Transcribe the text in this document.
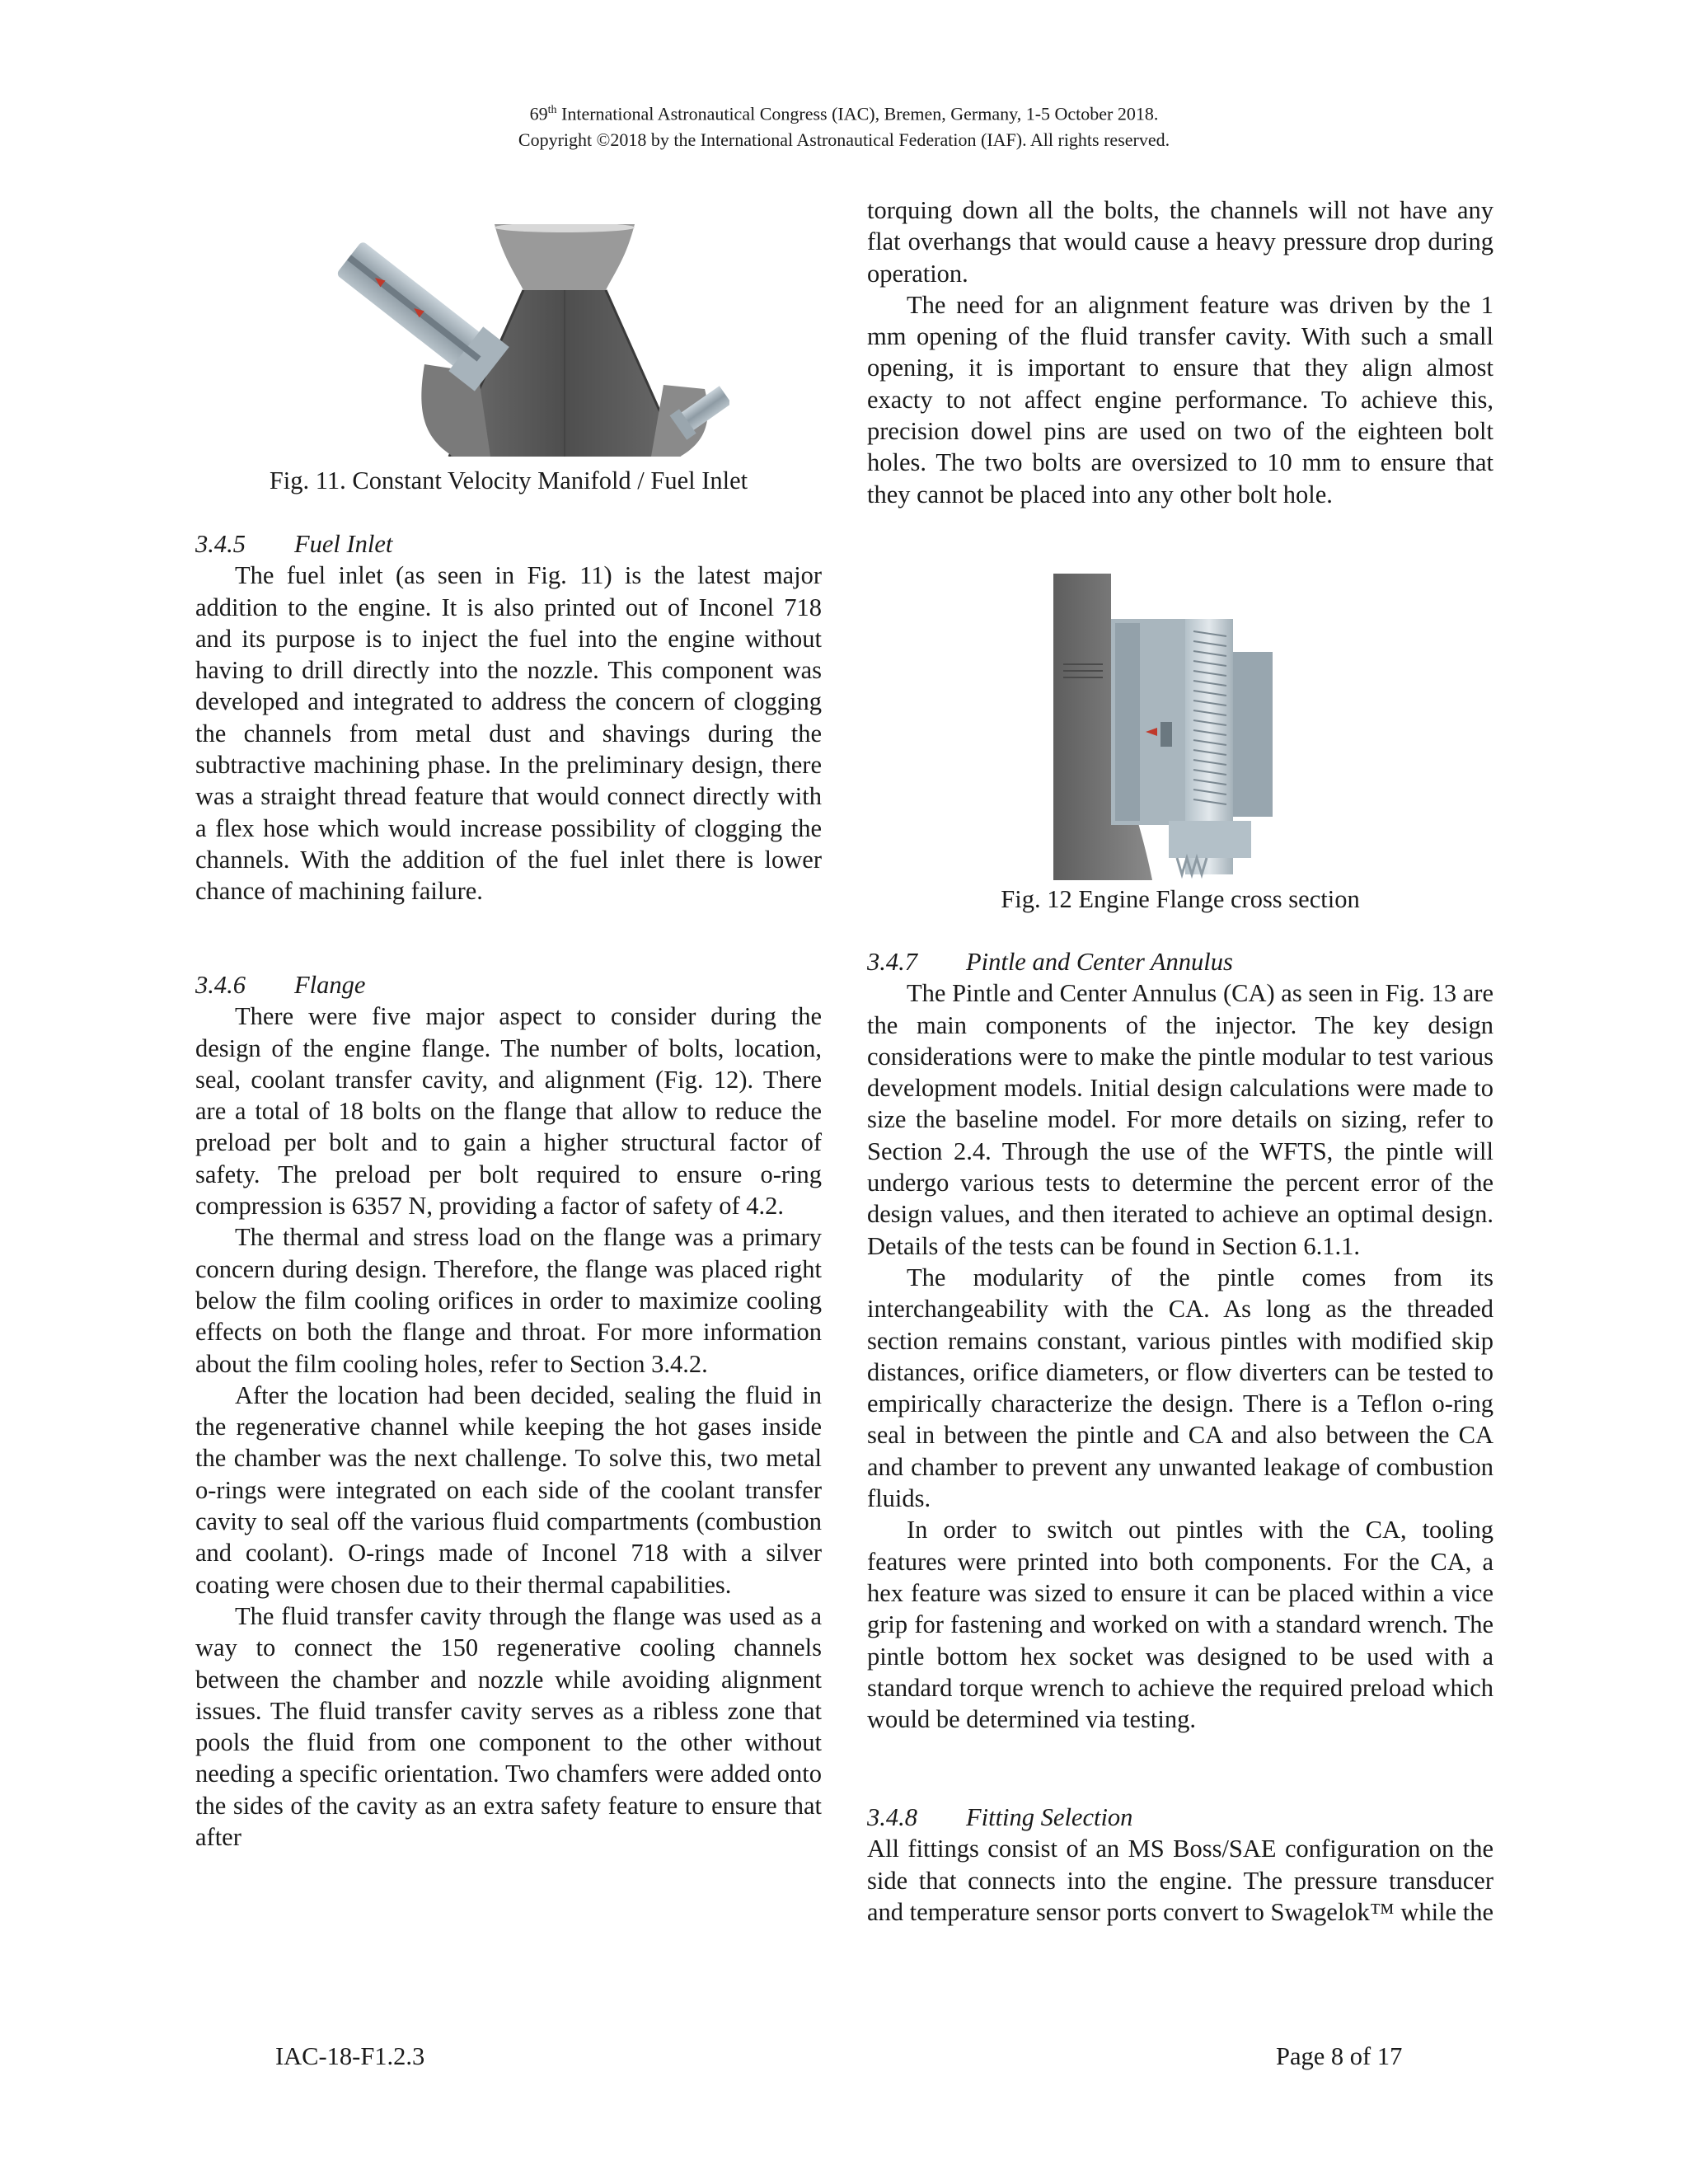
69th International Astronautical Congress (IAC), Bremen, Germany, 1-5 October 2018.
Copyright ©2018 by the International Astronautical Federation (IAF). All rights reserved.

Fig. 11. Constant Velocity Manifold / Fuel Inlet

3.4.5 Fuel Inlet

The fuel inlet (as seen in Fig. 11) is the latest major addition to the engine. It is also printed out of Inconel 718 and its purpose is to inject the fuel into the engine without having to drill directly into the nozzle. This component was developed and integrated to address the concern of clogging the channels from metal dust and shavings during the subtractive machining phase. In the preliminary design, there was a straight thread feature that would connect directly with a flex hose which would increase possibility of clogging the channels. With the addition of the fuel inlet there is lower chance of machining failure.

3.4.6 Flange

There were five major aspect to consider during the design of the engine flange. The number of bolts, location, seal, coolant transfer cavity, and alignment (Fig. 12). There are a total of 18 bolts on the flange that allow to reduce the preload per bolt and to gain a higher structural factor of safety. The preload per bolt required to ensure o-ring compression is 6357 N, providing a factor of safety of 4.2.

The thermal and stress load on the flange was a primary concern during design. Therefore, the flange was placed right below the film cooling orifices in order to maximize cooling effects on both the flange and throat. For more information about the film cooling holes, refer to Section 3.4.2.

After the location had been decided, sealing the fluid in the regenerative channel while keeping the hot gases inside the chamber was the next challenge. To solve this, two metal o-rings were integrated on each side of the coolant transfer cavity to seal off the various fluid compartments (combustion and coolant). O-rings made of Inconel 718 with a silver coating were chosen due to their thermal capabilities.

The fluid transfer cavity through the flange was used as a way to connect the 150 regenerative cooling channels between the chamber and nozzle while avoiding alignment issues. The fluid transfer cavity serves as a ribless zone that pools the fluid from one component to the other without needing a specific orientation. Two chamfers were added onto the sides of the cavity as an extra safety feature to ensure that after

torquing down all the bolts, the channels will not have any flat overhangs that would cause a heavy pressure drop during operation.

The need for an alignment feature was driven by the 1 mm opening of the fluid transfer cavity. With such a small opening, it is important to ensure that they align almost exacty to not affect engine performance. To achieve this, precision dowel pins are used on two of the eighteen bolt holes. The two bolts are oversized to 10 mm to ensure that they cannot be placed into any other bolt hole.

Fig. 12 Engine Flange cross section

3.4.7 Pintle and Center Annulus

The Pintle and Center Annulus (CA) as seen in Fig. 13 are the main components of the injector. The key design considerations were to make the pintle modular to test various development models. Initial design calculations were made to size the baseline model. For more details on sizing, refer to Section 2.4. Through the use of the WFTS, the pintle will undergo various tests to determine the percent error of the design values, and then iterated to achieve an optimal design. Details of the tests can be found in Section 6.1.1.

The modularity of the pintle comes from its interchangeability with the CA. As long as the threaded section remains constant, various pintles with modified skip distances, orifice diameters, or flow diverters can be tested to empirically characterize the design. There is a Teflon o-ring seal in between the pintle and CA and also between the CA and chamber to prevent any unwanted leakage of combustion fluids.

In order to switch out pintles with the CA, tooling features were printed into both components. For the CA, a hex feature was sized to ensure it can be placed within a vice grip for fastening and worked on with a standard wrench. The pintle bottom hex socket was designed to be used with a standard torque wrench to achieve the required preload which would be determined via testing.

3.4.8 Fitting Selection

All fittings consist of an MS Boss/SAE configuration on the side that connects into the engine. The pressure transducer and temperature sensor ports convert to Swagelok™ while the

IAC-18-F1.2.3	Page 8 of 17
